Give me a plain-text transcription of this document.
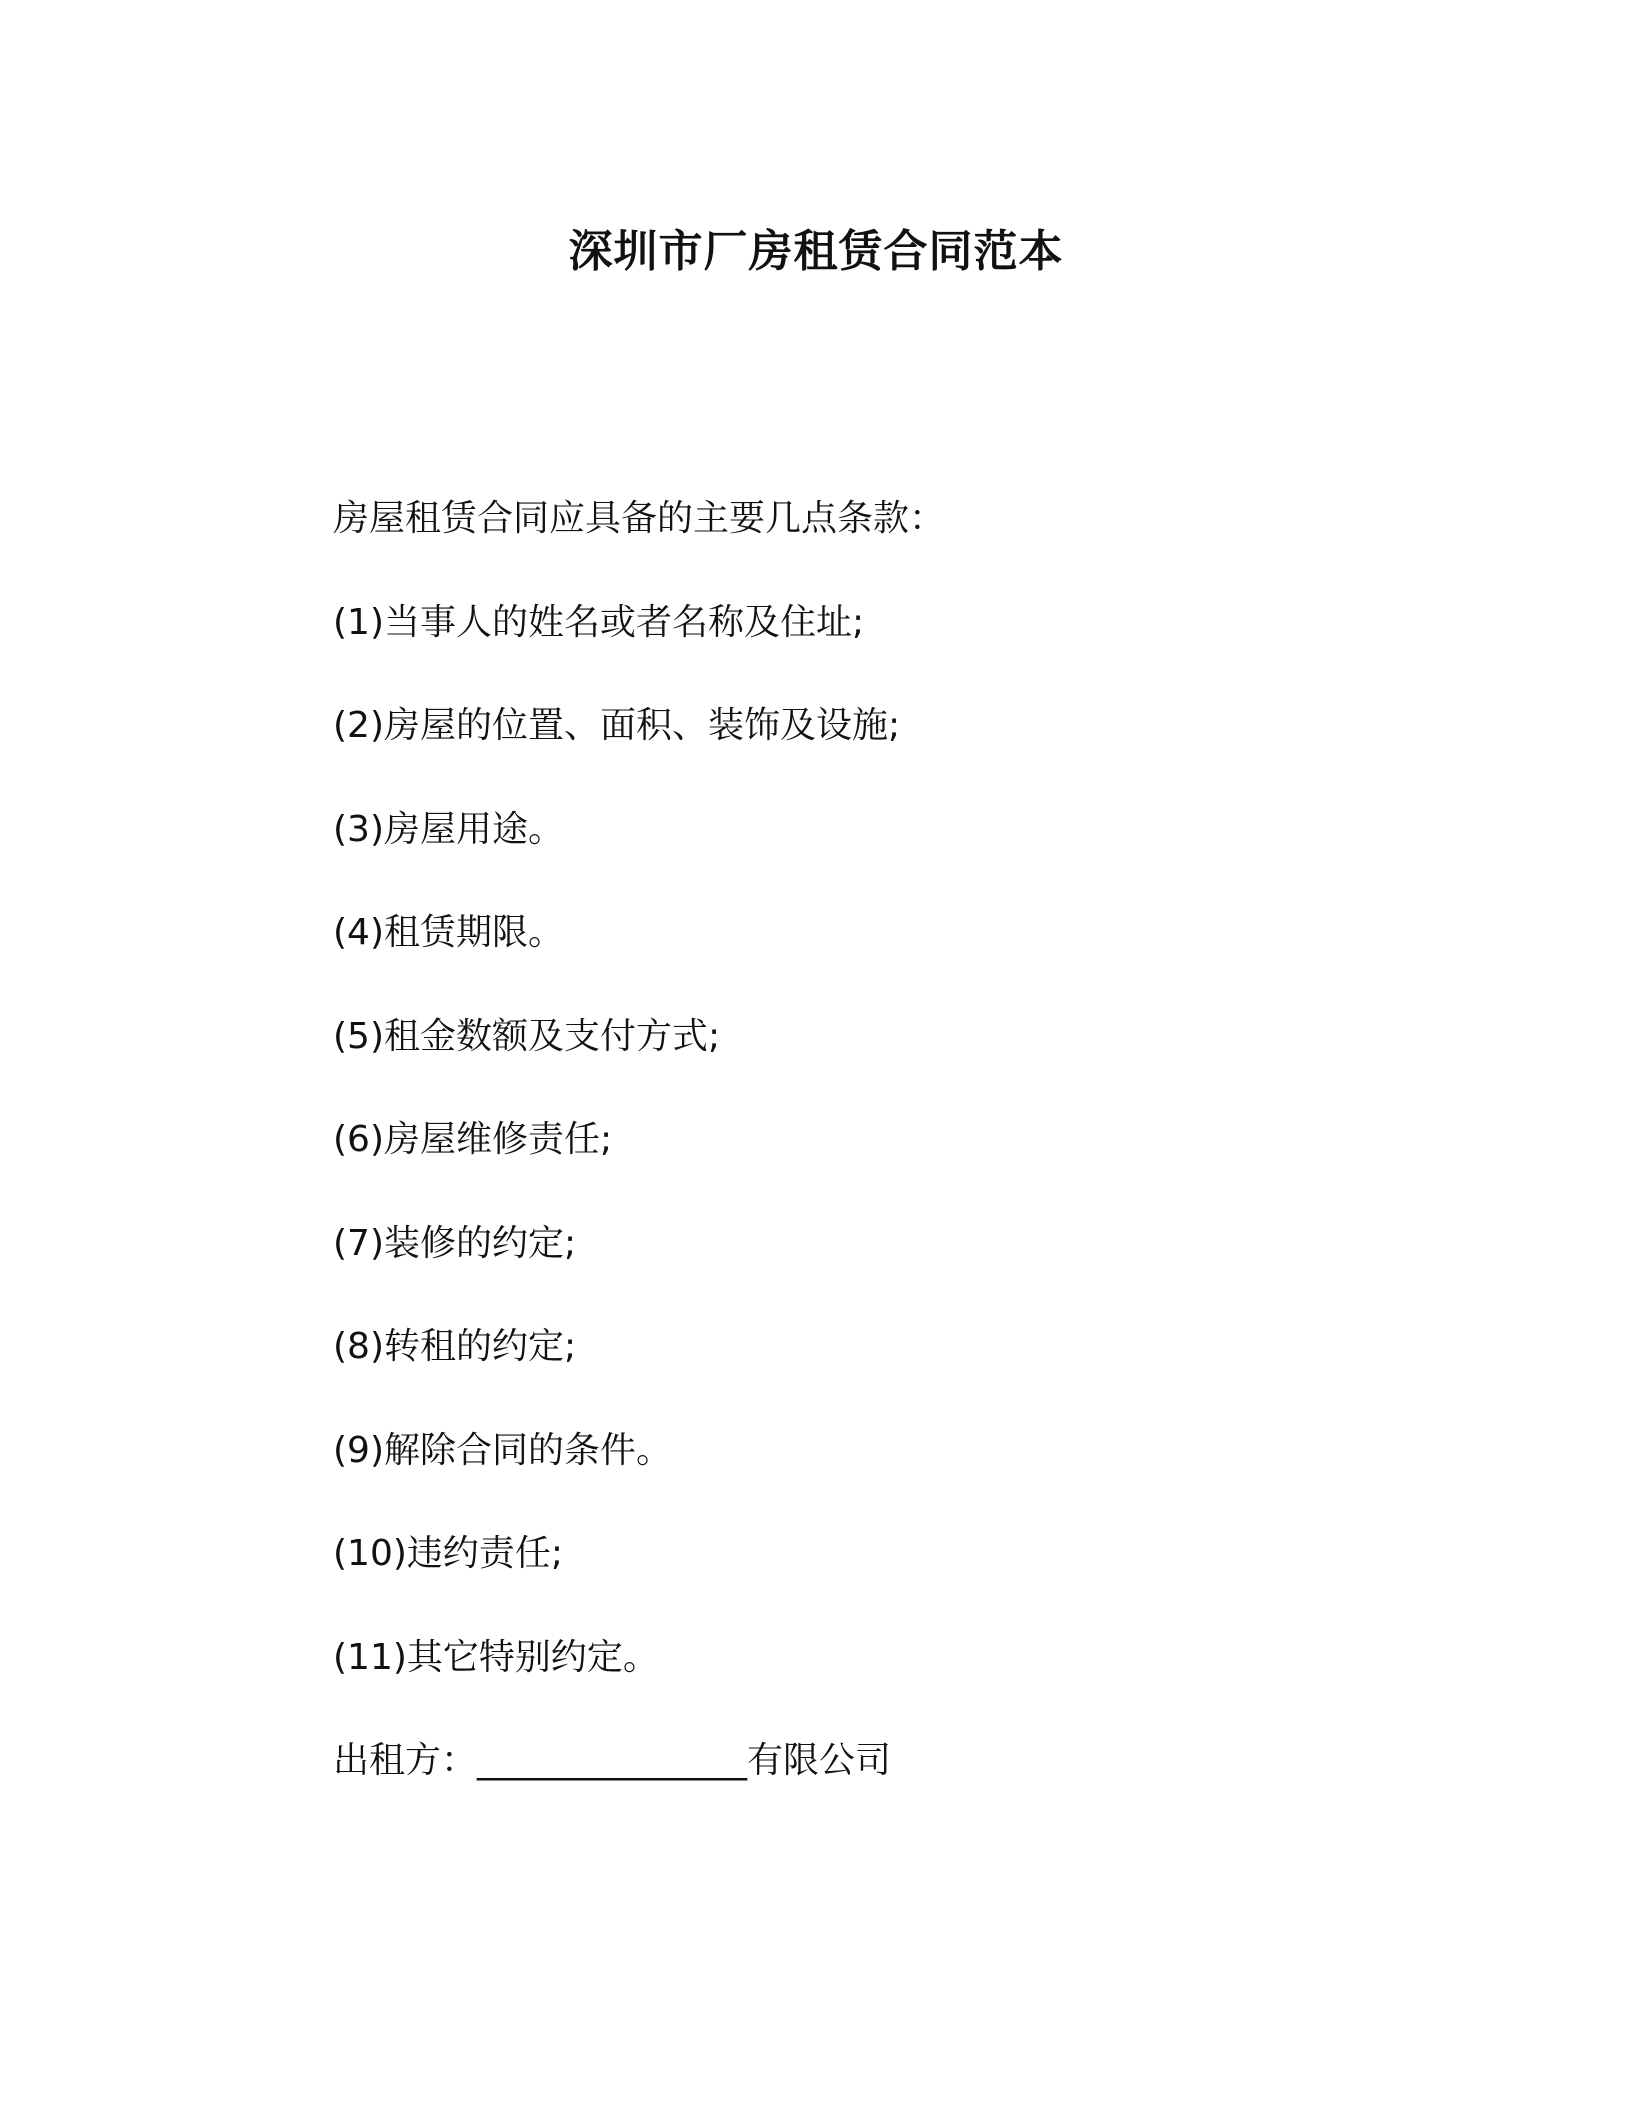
深圳市厂房租赁合同范本
房屋租赁合同应具备的主要几点条款：
(1)当事人的姓名或者名称及住址;
(2)房屋的位置、面积、装饰及设施;
(3)房屋用途。
(4)租赁期限。
(5)租金数额及支付方式;
(6)房屋维修责任;
(7)装修的约定;
(8)转租的约定;
(9)解除合同的条件。
(10)违约责任;
(11)其它特别约定。
出租方：_______________有限公司
